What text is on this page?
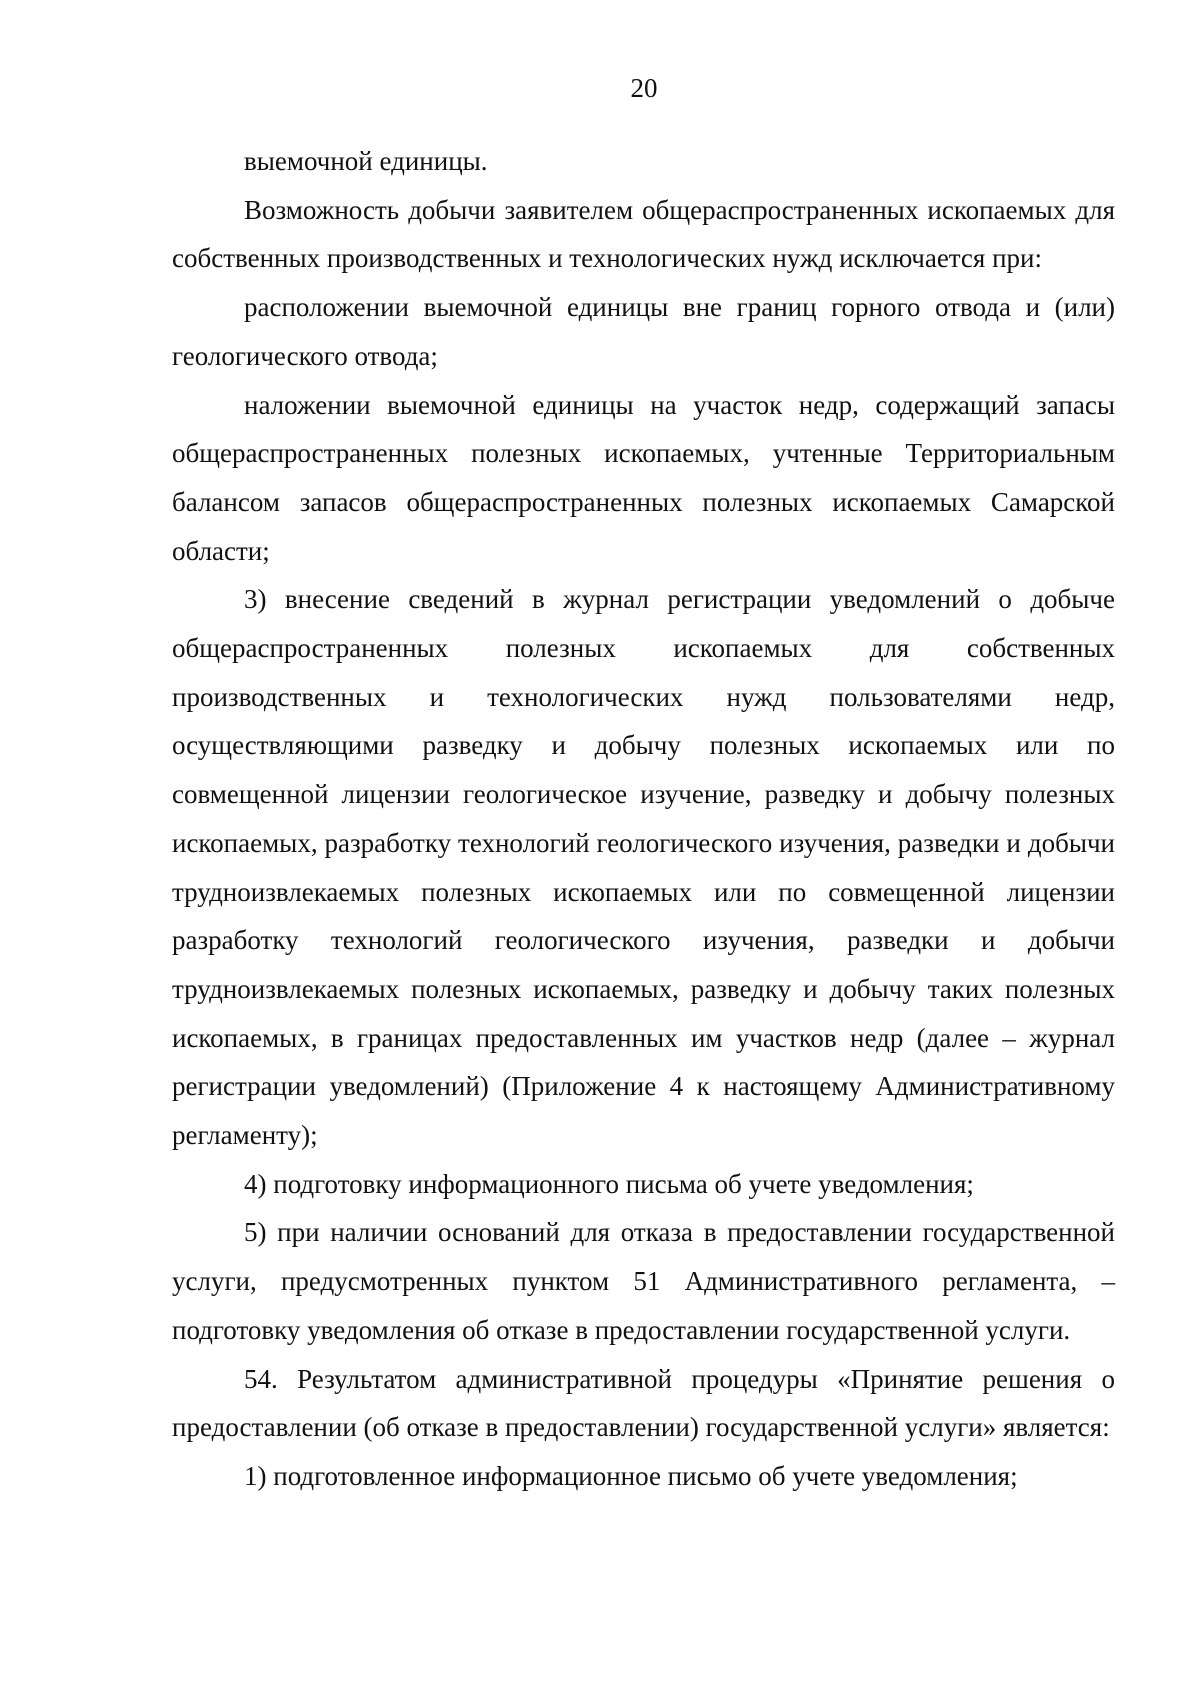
20

выемочной единицы.

Возможность добычи заявителем общераспространенных ископаемых для собственных производственных и технологических нужд исключается при:

расположении выемочной единицы вне границ горного отвода и (или) геологического отвода;

наложении выемочной единицы на участок недр, содержащий запасы общераспространенных полезных ископаемых, учтенные Территориальным балансом запасов общераспространенных полезных ископаемых Самарской области;

3) внесение сведений в журнал регистрации уведомлений о добыче общераспространенных полезных ископаемых для собственных производственных и технологических нужд пользователями недр, осуществляющими разведку и добычу полезных ископаемых или по совмещенной лицензии геологическое изучение, разведку и добычу полезных ископаемых, разработку технологий геологического изучения, разведки и добычи трудноизвлекаемых полезных ископаемых или по совмещенной лицензии разработку технологий геологического изучения, разведки и добычи трудноизвлекаемых полезных ископаемых, разведку и добычу таких полезных ископаемых, в границах предоставленных им участков недр (далее – журнал регистрации уведомлений) (Приложение 4 к настоящему Административному регламенту);

4) подготовку информационного письма об учете уведомления;

5) при наличии оснований для отказа в предоставлении государственной услуги, предусмотренных пунктом 51 Административного регламента, – подготовку уведомления об отказе в предоставлении государственной услуги.

54. Результатом административной процедуры «Принятие решения о предоставлении (об отказе в предоставлении) государственной услуги» является:

1) подготовленное информационное письмо об учете уведомления;
